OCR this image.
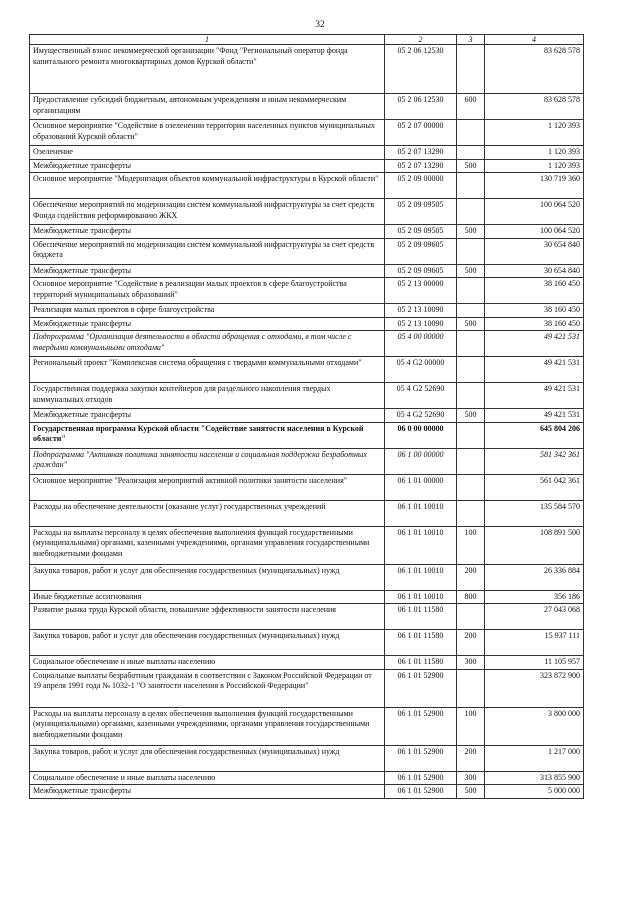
32
1	2	3	4
Имущественный взнос некоммерческой организации "Фонд "Региональный оператор фонда капитального ремонта многоквартирных домов Курской области"	05 2 06 12530		83 628 578
Предоставление субсидий бюджетным, автономным учреждениям и иным некоммерческим организациям	05 2 06 12530	600	83 628 578
Основное мероприятие "Содействие в озеленении территории населенных пунктов муниципальных образований Курской области"	05 2 07 00000		1 120 393
Озеленение	05 2 07 13290		1 120 393
Межбюджетные трансферты	05 2 07 13290	500	1 120 393
Основное мероприятие "Модернизация объектов коммунальной инфраструктуры в Курской области"	05 2 09 00000		130 719 360
Обеспечение мероприятий по модернизации систем коммунальной инфраструктуры за счет средств Фонда содействия реформированию ЖКХ	05 2 09 09505		100 064 520
Межбюджетные трансферты	05 2 09 09505	500	100 064 520
Обеспечение мероприятий по модернизации систем коммунальной инфраструктуры за счет средств бюджета	05 2 09 09605		30 654 840
Межбюджетные трансферты	05 2 09 09605	500	30 654 840
Основное мероприятие "Содействие в реализации малых проектов в сфере благоустройства территорий муниципальных образований"	05 2 13 00000		38 160 450
Реализация малых проектов в сфере благоустройства	05 2 13 10090		38 160 450
Межбюджетные трансферты	05 2 13 10090	500	38 160 450
Подпрограмма "Организация деятельности в области обращения с отходами, в том числе с твердыми коммунальными отходами"	05 4 00 00000		49 421 531
Региональный проект "Комплексная система обращения с твердыми коммунальными отходами"	05 4 G2 00000		49 421 531
Государственная поддержка закупки контейнеров для раздельного накопления твердых коммунальных отходов	05 4 G2 52690		49 421 531
Межбюджетные трансферты	05 4 G2 52690	500	49 421 531
Государственная программа Курской области "Содействие занятости населения в Курской области"	06 0 00 00000		645 804 206
Подпрограмма "Активная политика занятости населения и социальная поддержка безработных граждан"	06 1 00 00000		581 342 361
Основное мероприятие "Реализация мероприятий активной политики занятости населения"	06 1 01 00000		561 042 361
Расходы на обеспечение деятельности (оказание услуг) государственных учреждений	06 1 01 10010		135 584 570
Расходы на выплаты персоналу в целях обеспечения выполнения функций государственными (муниципальными) органами, казенными учреждениями, органами управления государственными внебюджетными фондами	06 1 01 10010	100	108 891 500
Закупка товаров, работ и услуг для обеспечения государственных (муниципальных) нужд	06 1 01 10010	200	26 336 884
Иные бюджетные ассигнования	06 1 01 10010	800	356 186
Развитие рынка труда Курской области, повышение эффективности занятости населения	06 1 01 11580		27 043 068
Закупка товаров, работ и услуг для обеспечения государственных (муниципальных) нужд	06 1 01 11580	200	15 937 111
Социальное обеспечение и иные выплаты населению	06 1 01 11580	300	11 105 957
Социальные выплаты безработным гражданам в соответствии с Законом Российской Федерации от 19 апреля 1991 года № 1032-1 "О занятости населения в Российской Федерации"	06 1 01 52900		323 872 900
Расходы на выплаты персоналу в целях обеспечения выполнения функций государственными (муниципальными) органами, казенными учреждениями, органами управления государственными внебюджетными фондами	06 1 01 52900	100	3 800 000
Закупка товаров, работ и услуг для обеспечения государственных (муниципальных) нужд	06 1 01 52900	200	1 217 000
Социальное обеспечение и иные выплаты населению	06 1 01 52900	300	313 855 900
Межбюджетные трансферты	06 1 01 52900	500	5 000 000
